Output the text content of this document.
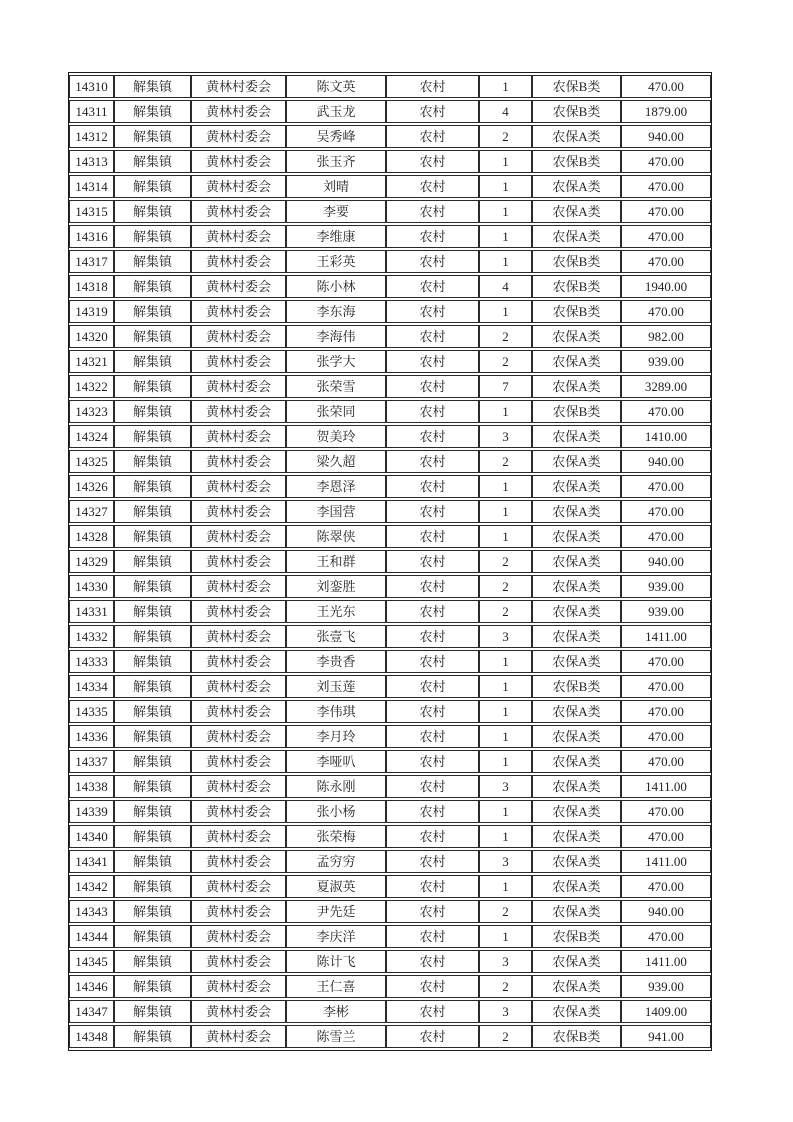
14310	解集镇	黄林村委会	陈文英	农村	1	农保B类	470.00
14311	解集镇	黄林村委会	武玉龙	农村	4	农保B类	1879.00
14312	解集镇	黄林村委会	吴秀峰	农村	2	农保A类	940.00
14313	解集镇	黄林村委会	张玉齐	农村	1	农保B类	470.00
14314	解集镇	黄林村委会	刘晴	农村	1	农保A类	470.00
14315	解集镇	黄林村委会	李要	农村	1	农保A类	470.00
14316	解集镇	黄林村委会	李维康	农村	1	农保A类	470.00
14317	解集镇	黄林村委会	王彩英	农村	1	农保B类	470.00
14318	解集镇	黄林村委会	陈小林	农村	4	农保B类	1940.00
14319	解集镇	黄林村委会	李东海	农村	1	农保B类	470.00
14320	解集镇	黄林村委会	李海伟	农村	2	农保A类	982.00
14321	解集镇	黄林村委会	张学大	农村	2	农保A类	939.00
14322	解集镇	黄林村委会	张荣雪	农村	7	农保A类	3289.00
14323	解集镇	黄林村委会	张荣同	农村	1	农保B类	470.00
14324	解集镇	黄林村委会	贺美玲	农村	3	农保A类	1410.00
14325	解集镇	黄林村委会	梁久超	农村	2	农保A类	940.00
14326	解集镇	黄林村委会	李恩泽	农村	1	农保A类	470.00
14327	解集镇	黄林村委会	李国营	农村	1	农保A类	470.00
14328	解集镇	黄林村委会	陈翠侠	农村	1	农保A类	470.00
14329	解集镇	黄林村委会	王和群	农村	2	农保A类	940.00
14330	解集镇	黄林村委会	刘銮胜	农村	2	农保A类	939.00
14331	解集镇	黄林村委会	王光东	农村	2	农保A类	939.00
14332	解集镇	黄林村委会	张壹飞	农村	3	农保A类	1411.00
14333	解集镇	黄林村委会	李贵香	农村	1	农保A类	470.00
14334	解集镇	黄林村委会	刘玉莲	农村	1	农保B类	470.00
14335	解集镇	黄林村委会	李伟琪	农村	1	农保A类	470.00
14336	解集镇	黄林村委会	李月玲	农村	1	农保A类	470.00
14337	解集镇	黄林村委会	李哑叭	农村	1	农保A类	470.00
14338	解集镇	黄林村委会	陈永刚	农村	3	农保A类	1411.00
14339	解集镇	黄林村委会	张小杨	农村	1	农保A类	470.00
14340	解集镇	黄林村委会	张荣梅	农村	1	农保A类	470.00
14341	解集镇	黄林村委会	孟穷穷	农村	3	农保A类	1411.00
14342	解集镇	黄林村委会	夏淑英	农村	1	农保A类	470.00
14343	解集镇	黄林村委会	尹先廷	农村	2	农保A类	940.00
14344	解集镇	黄林村委会	李庆洋	农村	1	农保B类	470.00
14345	解集镇	黄林村委会	陈计飞	农村	3	农保A类	1411.00
14346	解集镇	黄林村委会	王仁喜	农村	2	农保A类	939.00
14347	解集镇	黄林村委会	李彬	农村	3	农保A类	1409.00
14348	解集镇	黄林村委会	陈雪兰	农村	2	农保B类	941.00
